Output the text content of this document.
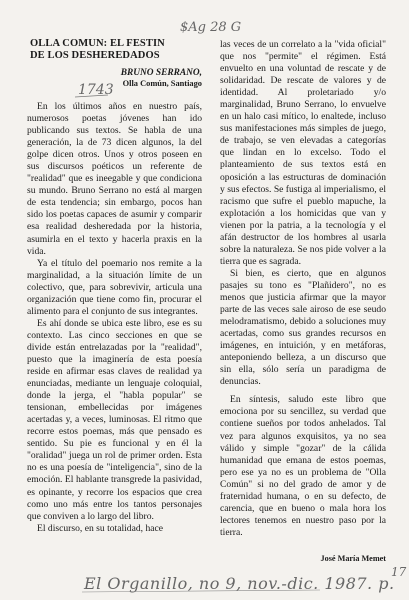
$Ag 28 G
1743
17
El Organillo, no 9, nov.-dic. 1987. p.
OLLA COMUN: EL FESTIN
DE LOS DESHEREDADOS
BRUNO SERRANO,
Olla Común, Santiago

En los últimos años en nuestro país, numerosos poetas jóvenes han ido publicando sus textos. Se habla de una generación, la de 73 dicen algunos, la del golpe dicen otros. Unos y otros poseen en sus discursos poéticos un referente de "realidad" que es ineegable y que condiciona su mundo. Bruno Serrano no está al margen de esta tendencia; sin embargo, pocos han sido los poetas capaces de asumir y comparir esa realidad desheredada por la historia, asumirla en el texto y hacerla praxis en la vida.

Ya el título del poemario nos remite a la marginalidad, a la situación límite de un colectivo, que, para sobrevivir, articula una organización que tiene como fin, procurar el alimento para el conjunto de sus integrantes.

Es ahí donde se ubica este libro, ese es su contexto. Las cinco secciones en que se divide están entrelazadas por la "realidad", puesto que la imaginería de esta poesía reside en afirmar esas claves de realidad ya enunciadas, mediante un lenguaje coloquial, donde la jerga, el "habla popular" se tensionan, embellecidas por imágenes acertadas y, a veces, luminosas. El ritmo que recorre estos poemas, más que pensado es sentido. Su pie es funcional y en él la "oralidad" juega un rol de primer orden. Esta no es una poesía de "inteligencia", sino de la emoción. El hablante transgrede la pasividad, es opinante, y recorre los espacios que crea como uno más entre los tantos personajes que conviven a lo largo del libro.

El discurso, en su totalidad, hace

las veces de un correlato a la "vida oficial" que nos "permite" el régimen. Está envuelto en una voluntad de rescate y de solidaridad. De rescate de valores y de identidad. Al proletariado y/o marginalidad, Bruno Serrano, lo envuelve en un halo casi mítico, lo enaltede, incluso sus manifestaciones más simples de juego, de trabajo, se ven elevadas a categorías que lindan en lo excelso. Todo el planteamiento de sus textos está en oposición a las estructuras de dominación y sus efectos. Se fustiga al imperialismo, el racismo que sufre el pueblo mapuche, la explotación a los homicidas que van y vienen por la patria, a la tecnología y el afán destructor de los hombres al usarla sobre la naturaleza. Se nos pide volver a la tierra que es sagrada.

Si bien, es cierto, que en algunos pasajes su tono es "Plañidero", no es menos que justicia afirmar que la mayor parte de las veces sale airoso de ese seudo melodramatismo, debido a soluciones muy acertadas, como sus grandes recursos en imágenes, en intuición, y en metáforas, anteponiendo belleza, a un discurso que sin ella, sólo sería un paradigma de denuncias.

En síntesis, saludo este libro que emociona por su sencillez, su verdad que contiene sueños por todos anhelados. Tal vez para algunos exquisitos, ya no sea válido y simple "gozar" de la cálida humanidad que emana de estos poemas, pero ese ya no es un problema de "Olla Común" si no del grado de amor y de fraternidad humana, o en su defecto, de carencia, que en bueno o mala hora los lectores tenemos en nuestro paso por la tierra.

José María Memet
